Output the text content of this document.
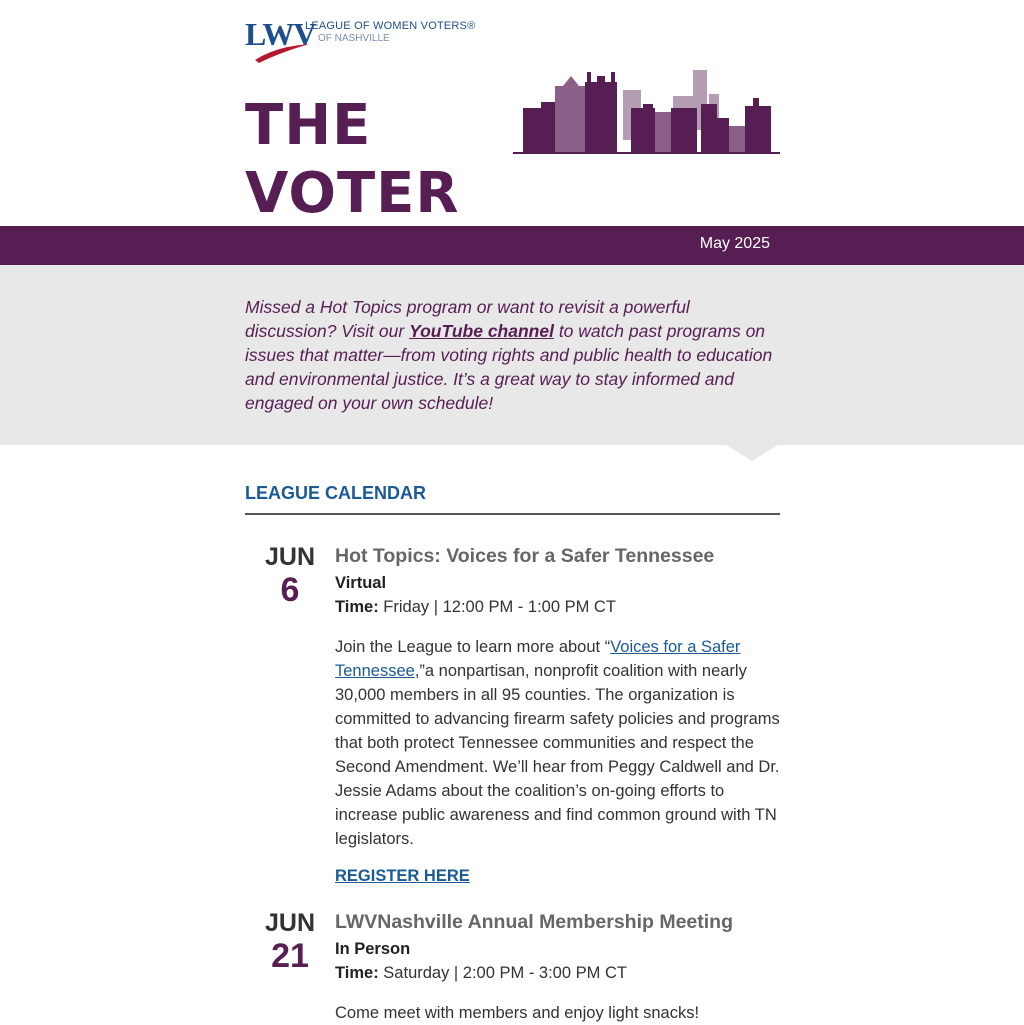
LWV
LEAGUE OF WOMEN VOTERS®
OF NASHVILLE
THE
VOTER
May 2025

Missed a Hot Topics program or want to revisit a powerful discussion? Visit our YouTube channel to watch past programs on issues that matter—from voting rights and public health to education and environmental justice. It’s a great way to stay informed and engaged on your own schedule!

LEAGUE CALENDAR
JUN
6
Hot Topics: Voices for a Safer Tennessee
Virtual
Time: Friday | 12:00 PM - 1:00 PM CT
Join the League to learn more about “Voices for a Safer Tennessee,”a nonpartisan, nonprofit coalition with nearly 30,000 members in all 95 counties. The organization is committed to advancing firearm safety policies and programs that both protect Tennessee communities and respect the Second Amendment. We’ll hear from Peggy Caldwell and Dr. Jessie Adams about the coalition’s on-going efforts to increase public awareness and find common ground with TN legislators.
REGISTER HERE
JUN
21
LWVNashville Annual Membership Meeting
In Person
Time: Saturday | 2:00 PM - 3:00 PM CT
Come meet with members and enjoy light snacks!
